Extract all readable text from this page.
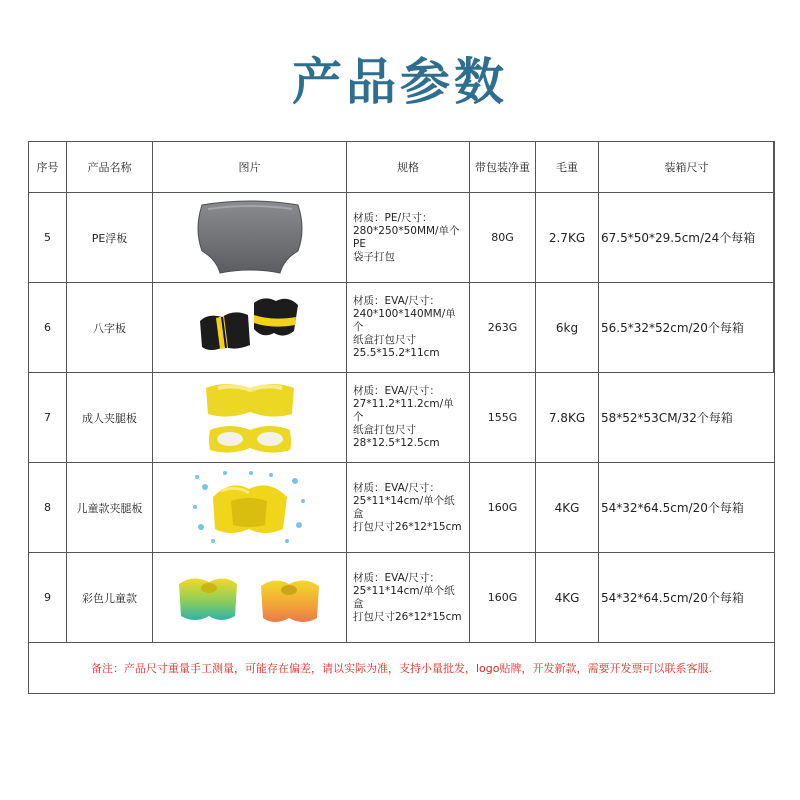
产品参数
序号	产品名称	图片	规格	带包装净重	毛重	装箱尺寸
5	PE浮板		材质：PE/尺寸：
280*250*50MM/单个PE
袋子打包	80G	2.7KG	67.5*50*29.5cm/24个每箱
6	八字板		材质：EVA/尺寸：
240*100*140MM/单个
纸盒打包尺寸
25.5*15.2*11cm	263G	6kg	56.5*32*52cm/20个每箱
7	成人夹腿板		材质：EVA/尺寸：
27*11.2*11.2cm/单个
纸盒打包尺寸
28*12.5*12.5cm	155G	7.8KG	58*52*53CM/32个每箱
8	儿童款夹腿板		材质：EVA/尺寸：
25*11*14cm/单个纸盒
打包尺寸26*12*15cm	160G	4KG	54*32*64.5cm/20个每箱
9	彩色儿童款		材质：EVA/尺寸：
25*11*14cm/单个纸盒
打包尺寸26*12*15cm	160G	4KG	54*32*64.5cm/20个每箱
备注：产品尺寸重量手工测量，可能存在偏差，请以实际为准，支持小量批发，logo贴牌，开发新款，需要开发票可以联系客服.						
